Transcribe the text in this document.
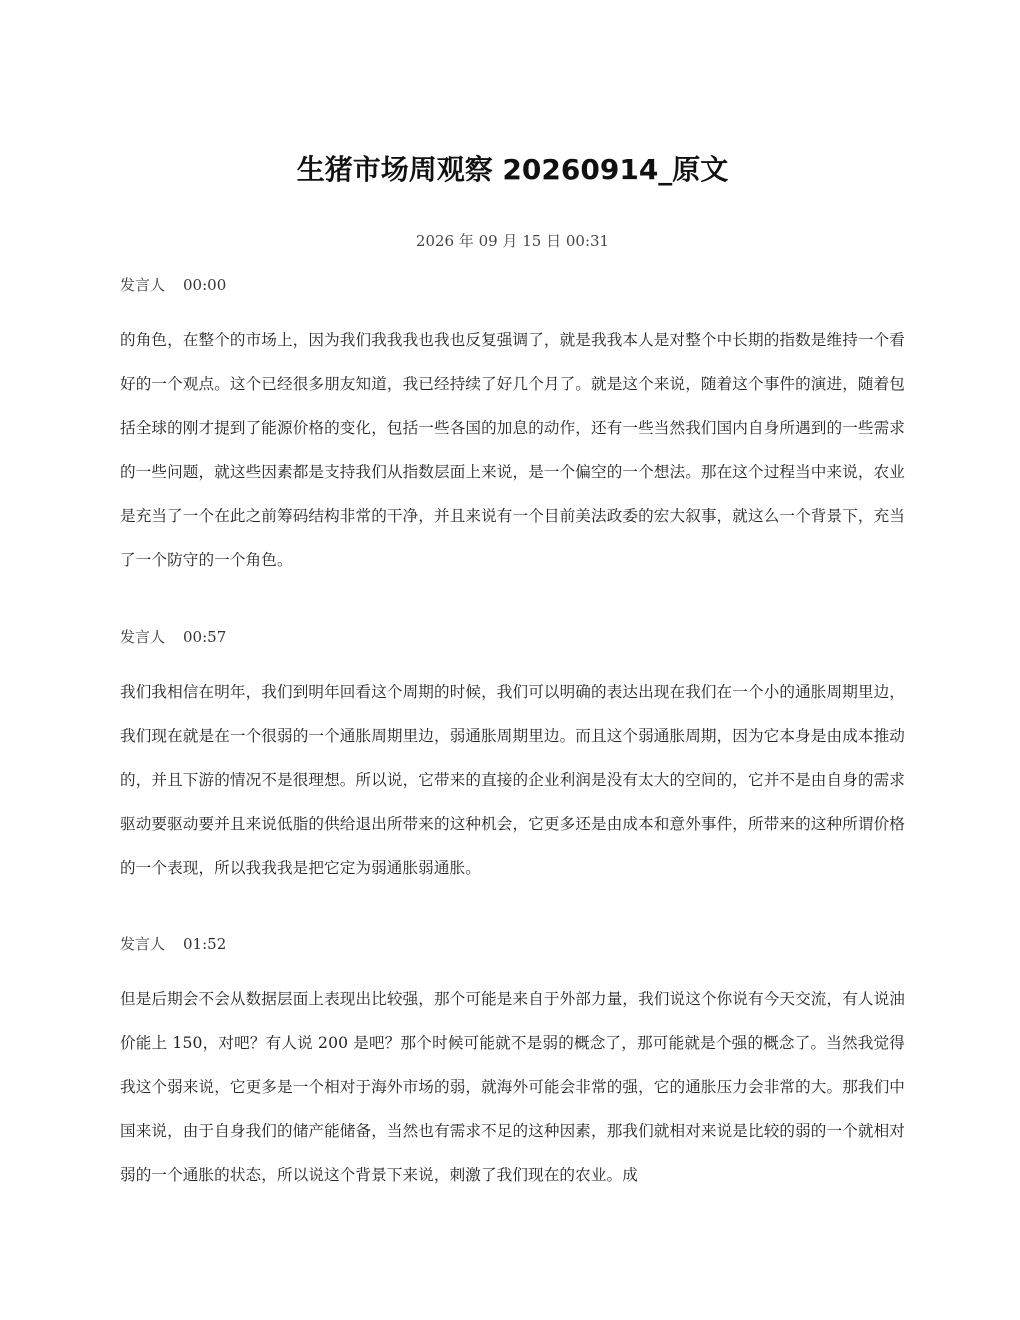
生猪市场周观察 20260914_原文
2026 年 09 月 15 日 00:31
发言人 00:00

的角色，在整个的市场上，因为我们我我我也我也反复强调了，就是我我本人是对整个中长期的指数是维持一个看好的一个观点。这个已经很多朋友知道，我已经持续了好几个月了。就是这个来说，随着这个事件的演进，随着包括全球的刚才提到了能源价格的变化，包括一些各国的加息的动作，还有一些当然我们国内自身所遇到的一些需求的一些问题，就这些因素都是支持我们从指数层面上来说，是一个偏空的一个想法。那在这个过程当中来说，农业是充当了一个在此之前筹码结构非常的干净，并且来说有一个目前美法政委的宏大叙事，就这么一个背景下，充当了一个防守的一个角色。

发言人 00:57

我们我相信在明年，我们到明年回看这个周期的时候，我们可以明确的表达出现在我们在一个小的通胀周期里边，我们现在就是在一个很弱的一个通胀周期里边，弱通胀周期里边。而且这个弱通胀周期，因为它本身是由成本推动的，并且下游的情况不是很理想。所以说，它带来的直接的企业利润是没有太大的空间的，它并不是由自身的需求驱动要驱动要并且来说低脂的供给退出所带来的这种机会，它更多还是由成本和意外事件，所带来的这种所谓价格的一个表现，所以我我我是把它定为弱通胀弱通胀。

发言人 01:52

但是后期会不会从数据层面上表现出比较强，那个可能是来自于外部力量，我们说这个你说有今天交流，有人说油价能上 150，对吧？有人说 200 是吧？那个时候可能就不是弱的概念了，那可能就是个强的概念了。当然我觉得我这个弱来说，它更多是一个相对于海外市场的弱，就海外可能会非常的强，它的通胀压力会非常的大。那我们中国来说，由于自身我们的储产能储备，当然也有需求不足的这种因素，那我们就相对来说是比较的弱的一个就相对弱的一个通胀的状态，所以说这个背景下来说，刺激了我们现在的农业。成
